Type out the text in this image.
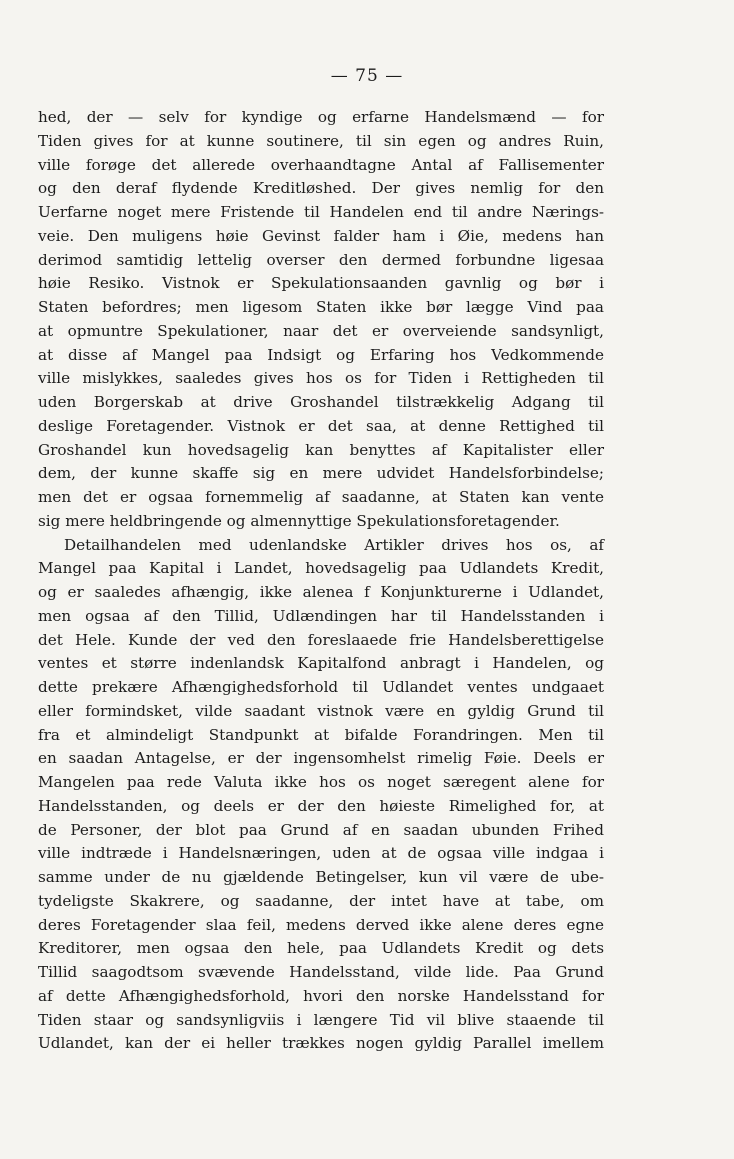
— 75 —
hed, der — selv for kyndige og erfarne Handelsmænd — for
Tiden gives for at kunne soutinere, til sin egen og andres Ruin,
ville forøge det allerede overhaandtagne Antal af Fallisementer
og den deraf flydende Kreditløshed. Der gives nemlig for den
Uerfarne noget mere Fristende til Handelen end til andre Nærings-
veie. Den muligens høie Gevinst falder ham i Øie, medens han
derimod samtidig lettelig overser den dermed forbundne ligesaa
høie Resiko. Vistnok er Spekulationsaanden gavnlig og bør i
Staten befordres; men ligesom Staten ikke bør lægge Vind paa
at opmuntre Spekulationer, naar det er overveiende sandsynligt,
at disse af Mangel paa Indsigt og Erfaring hos Vedkommende
ville mislykkes, saaledes gives hos os for Tiden i Rettigheden til
uden Borgerskab at drive Groshandel tilstrækkelig Adgang til
deslige Foretagender. Vistnok er det saa, at denne Rettighed til
Groshandel kun hovedsagelig kan benyttes af Kapitalister eller
dem, der kunne skaffe sig en mere udvidet Handelsforbindelse;
men det er ogsaa fornemmelig af saadanne, at Staten kan vente
sig mere heldbringende og almennyttige Spekulationsforetagender.
Detailhandelen med udenlandske Artikler drives hos os, af
Mangel paa Kapital i Landet, hovedsagelig paa Udlandets Kredit,
og er saaledes afhængig, ikke alenea f Konjunkturerne i Udlandet,
men ogsaa af den Tillid, Udlændingen har til Handelsstanden i
det Hele. Kunde der ved den foreslaaede frie Handelsberettigelse
ventes et større indenlandsk Kapitalfond anbragt i Handelen, og
dette prekære Afhængighedsforhold til Udlandet ventes undgaaet
eller formindsket, vilde saadant vistnok være en gyldig Grund til
fra et almindeligt Standpunkt at bifalde Forandringen. Men til
en saadan Antagelse, er der ingensomhelst rimelig Føie. Deels er
Mangelen paa rede Valuta ikke hos os noget særegent alene for
Handelsstanden, og deels er der den høieste Rimelighed for, at
de Personer, der blot paa Grund af en saadan ubunden Frihed
ville indtræde i Handelsnæringen, uden at de ogsaa ville indgaa i
samme under de nu gjældende Betingelser, kun vil være de ube-
tydeligste Skakrere, og saadanne, der intet have at tabe, om
deres Foretagender slaa feil, medens derved ikke alene deres egne
Kreditorer, men ogsaa den hele, paa Udlandets Kredit og dets
Tillid saagodtsom svævende Handelsstand, vilde lide. Paa Grund
af dette Afhængighedsforhold, hvori den norske Handelsstand for
Tiden staar og sandsynligviis i længere Tid vil blive staaende til
Udlandet, kan der ei heller trækkes nogen gyldig Parallel imellem
